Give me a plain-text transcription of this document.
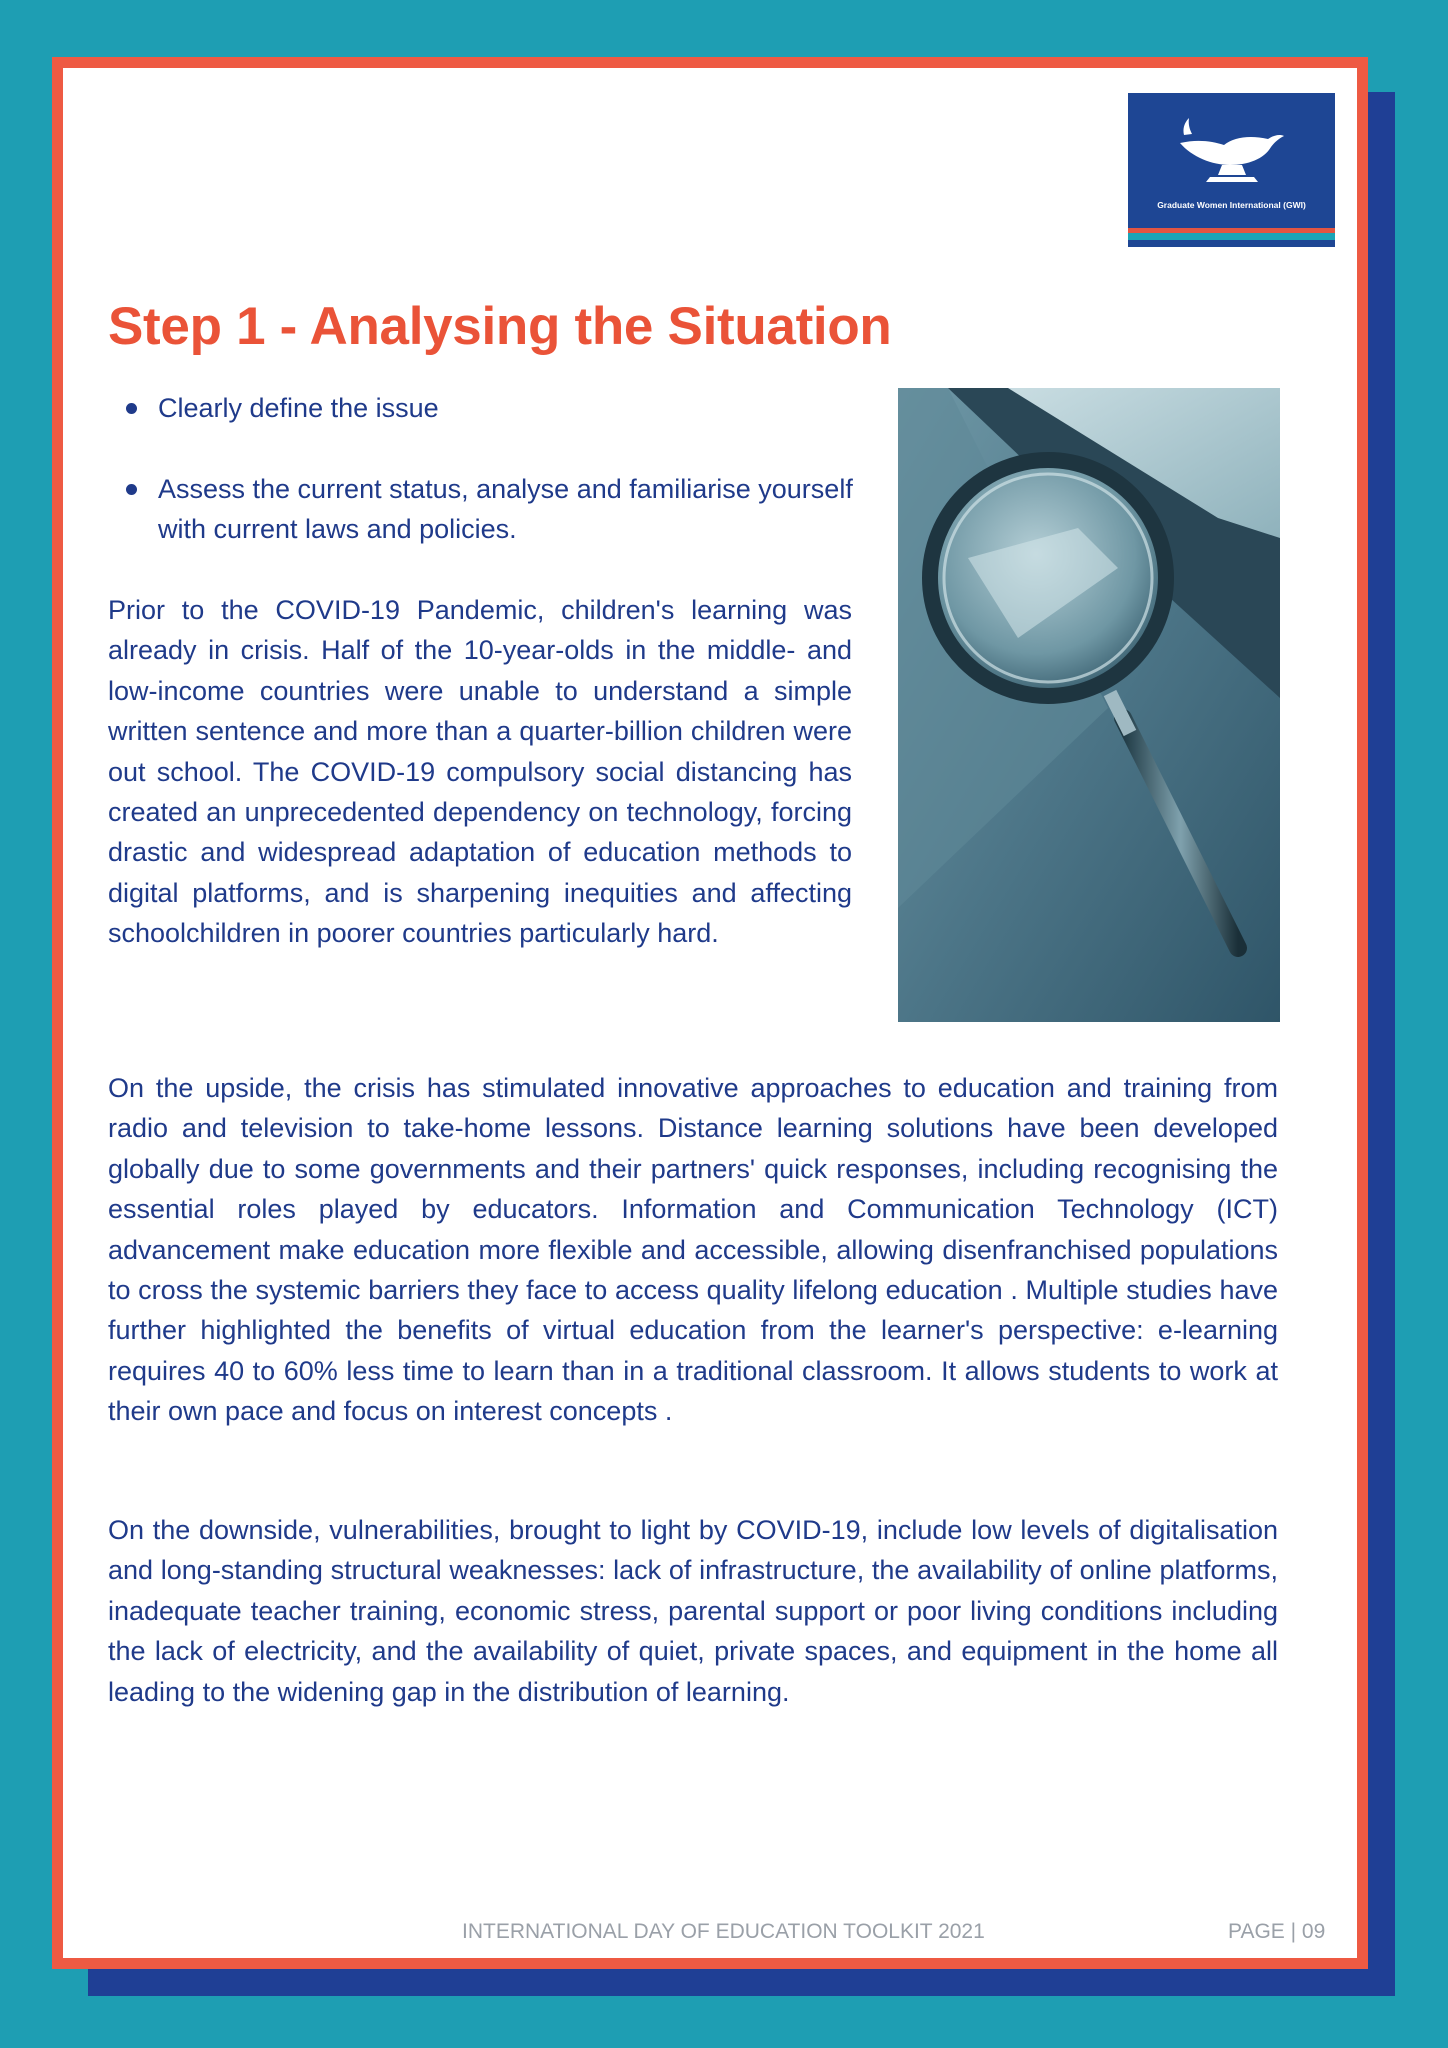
Graduate Women International (GWI)
Step 1 - Analysing the Situation
Clearly define the issue
Assess the current status, analyse and familiarise yourself with current laws and policies.

Prior to the COVID-19 Pandemic, children's learning was already in crisis. Half of the 10-year-olds in the middle- and low-income countries were unable to understand a simple written sentence and more than a quarter-billion children were out school. The COVID-19 compulsory social distancing has created an unprecedented dependency on technology, forcing drastic and widespread adaptation of education methods to digital platforms, and is sharpening inequities and affecting schoolchildren in poorer countries particularly hard.

On the upside, the crisis has stimulated innovative approaches to education and training from radio and television to take-home lessons. Distance learning solutions have been developed globally due to some governments and their partners' quick responses, including recognising the essential roles played by educators. Information and Communication Technology (ICT) advancement make education more flexible and accessible, allowing disenfranchised populations to cross the systemic barriers they face to access quality lifelong education . Multiple studies have further highlighted the benefits of virtual education from the learner's perspective: e-learning requires 40 to 60% less time to learn than in a traditional classroom. It allows students to work at their own pace and focus on interest concepts .

On the downside, vulnerabilities, brought to light by COVID-19, include low levels of digitalisation and long-standing structural weaknesses: lack of infrastructure, the availability of online platforms, inadequate teacher training, economic stress, parental support or poor living conditions including the lack of electricity, and the availability of quiet, private spaces, and equipment in the home all leading to the widening gap in the distribution of learning.

INTERNATIONAL DAY OF EDUCATION TOOLKIT 2021	PAGE | 09
